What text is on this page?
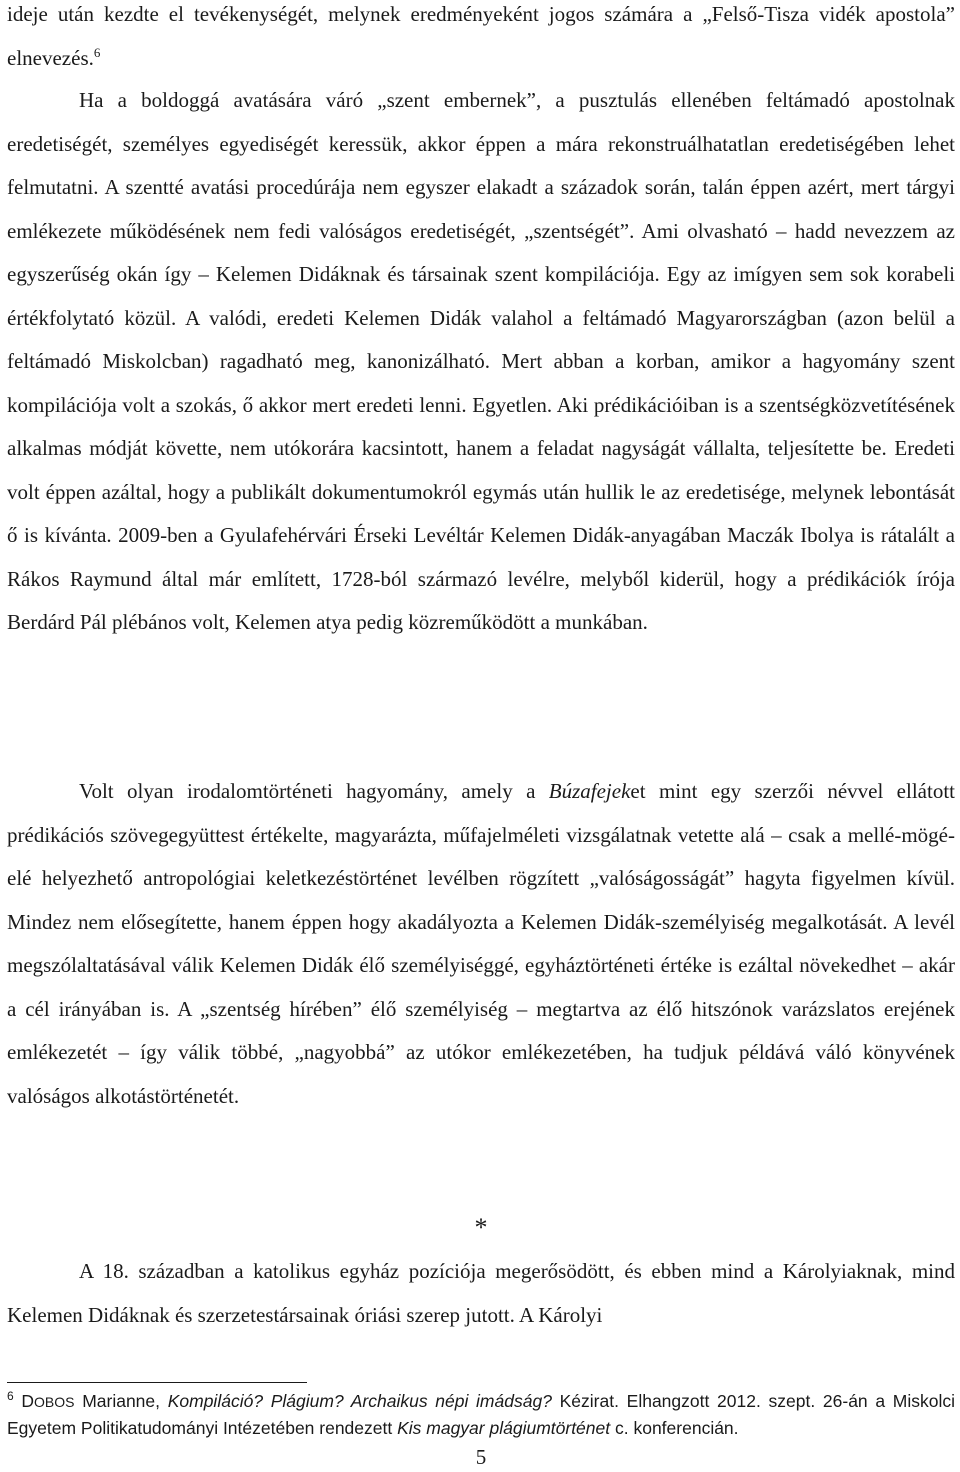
ideje után kezdte el tevékenységét, melynek eredményeként jogos számára a „Felső-Tisza vidék apostola” elnevezés.$^6$

Ha a boldoggá avatására váró „szent embernek”, a pusztulás ellenében feltámadó apostolnak eredetiségét, személyes egyediségét keressük, akkor éppen a mára rekonstruálhatatlan eredetiségében lehet felmutatni. A szentté avatási procedúrája nem egyszer elakadt a századok során, talán éppen azért, mert tárgyi emlékezete működésének nem fedi valóságos eredetiségét, „szentségét”. Ami olvasható – hadd nevezzem az egyszerűség okán így – Kelemen Didáknak és társainak szent kompilációja. Egy az imígyen sem sok korabeli értékfolytató közül. A valódi, eredeti Kelemen Didák valahol a feltámadó Magyarországban (azon belül a feltámadó Miskolcban) ragadható meg, kanonizálható. Mert abban a korban, amikor a hagyomány szent kompilációja volt a szokás, ő akkor mert eredeti lenni. Egyetlen. Aki prédikációiban is a szentségközvetítésének alkalmas módját követte, nem utókorára kacsintott, hanem a feladat nagyságát vállalta, teljesítette be. Eredeti volt éppen azáltal, hogy a publikált dokumentumokról egymás után hullik le az eredetisége, melynek lebontását ő is kívánta. 2009-ben a Gyulafehérvári Érseki Levéltár Kelemen Didák-anyagában Maczák Ibolya is rátalált a Rákos Raymund által már említett, 1728-ból származó levélre, melyből kiderül, hogy a prédikációk írója Berdárd Pál plébános volt, Kelemen atya pedig közreműködött a munkában.

Volt olyan irodalomtörténeti hagyomány, amely a Búzafejeket mint egy szerzői névvel ellátott prédikációs szövegegyüttest értékelte, magyarázta, műfajelméleti vizsgálatnak vetette alá – csak a mellé-mögé-elé helyezhető antropológiai keletkezéstörténet levélben rögzített „valóságosságát” hagyta figyelmen kívül. Mindez nem elősegítette, hanem éppen hogy akadályozta a Kelemen Didák-személyiség megalkotását. A levél megszólaltatásával válik Kelemen Didák élő személyiséggé, egyháztörténeti értéke is ezáltal növekedhet – akár a cél irányában is. A „szentség hírében” élő személyiség – megtartva az élő hitszónok varázslatos erejének emlékezetét – így válik többé, „nagyobbá” az utókor emlékezetében, ha tudjuk példává váló könyvének valóságos alkotástörténetét.

*

A 18. században a katolikus egyház pozíciója megerősödött, és ebben mind a Károlyiaknak, mind Kelemen Didáknak és szerzetestársainak óriási szerep jutott. A Károlyi

$^6$ DOBOS Marianne, Kompiláció? Plágium? Archaikus népi imádság? Kézirat. Elhangzott 2012. szept. 26-án a Miskolci Egyetem Politikatudományi Intézetében rendezett Kis magyar plágiumtörténet c. konferencián.
5
